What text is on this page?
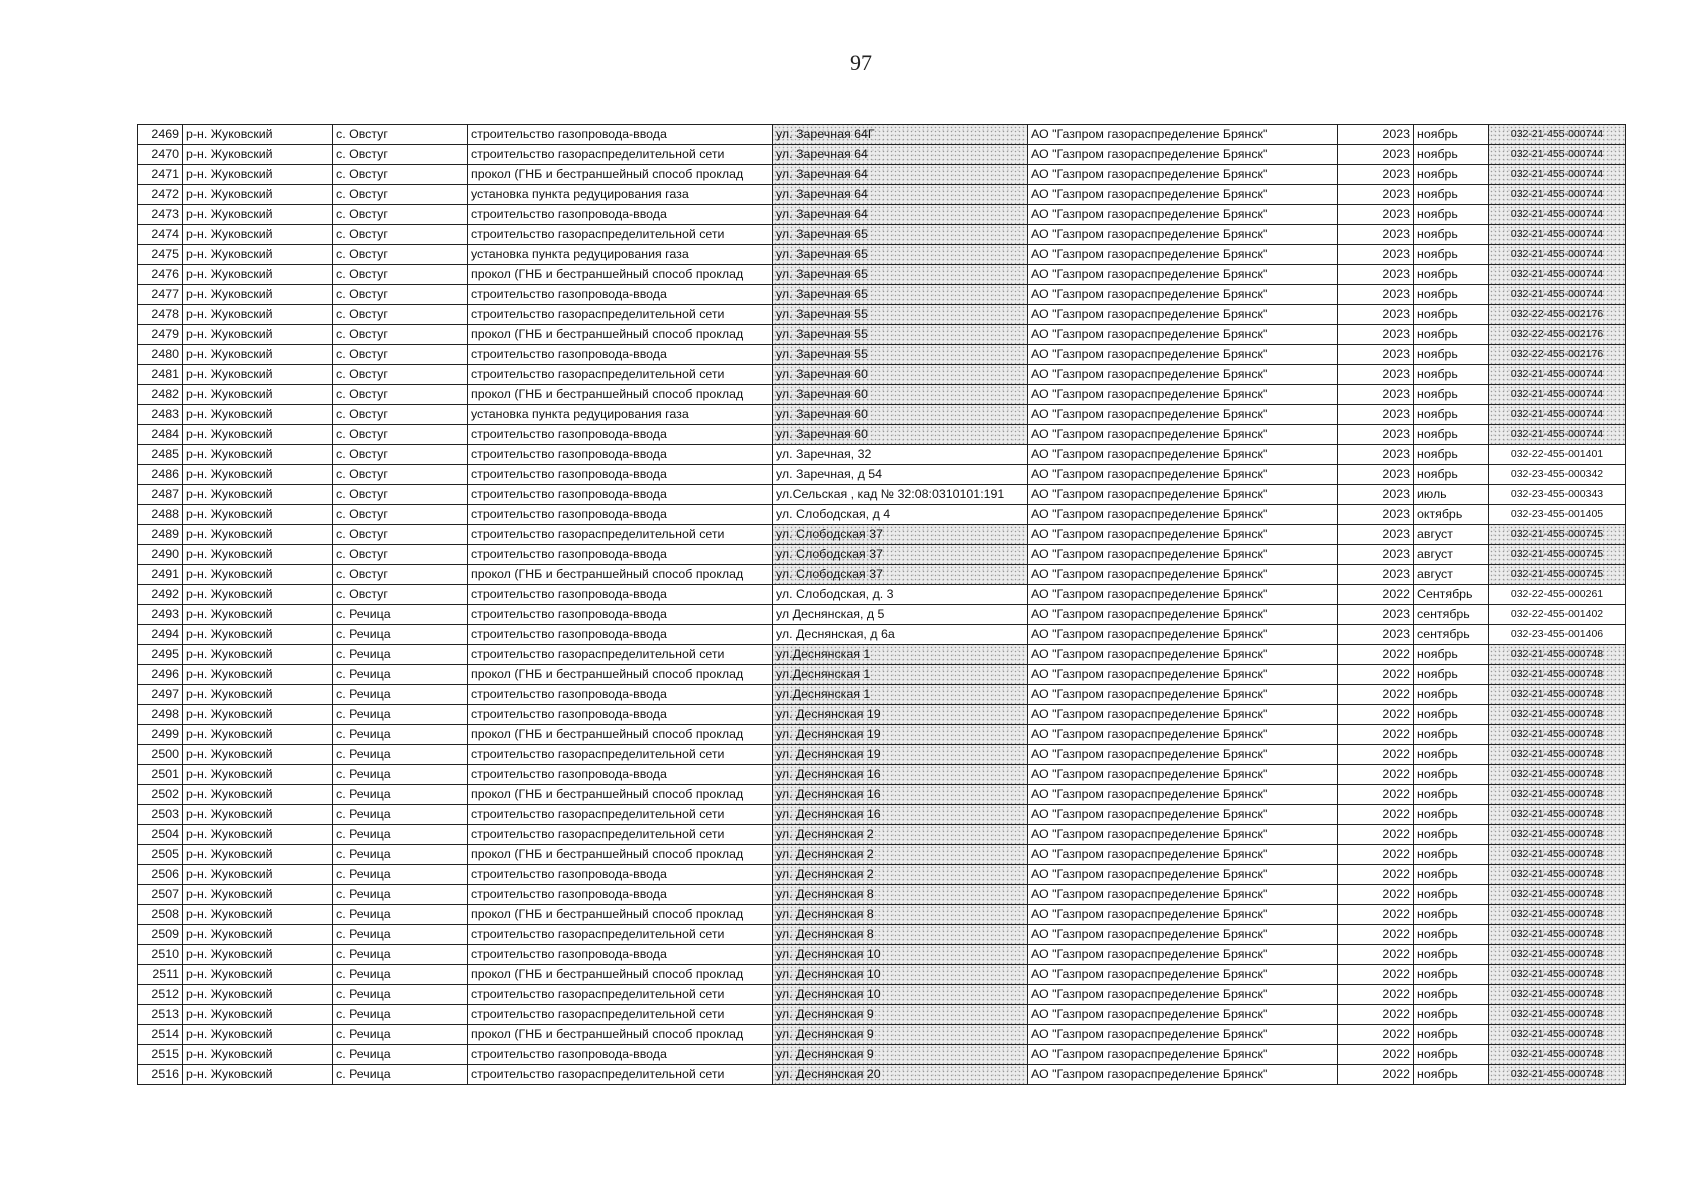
97
2469	р-н. Жуковский	с. Овстуг	строительство газопровода-ввода	ул. Заречная 64Г	АО "Газпром газораспределение Брянск"	2023	ноябрь	032-21-455-000744
2470	р-н. Жуковский	с. Овстуг	строительство газораспределительной сети	ул. Заречная 64	АО "Газпром газораспределение Брянск"	2023	ноябрь	032-21-455-000744
2471	р-н. Жуковский	с. Овстуг	прокол (ГНБ и бестраншейный способ проклад	ул. Заречная 64	АО "Газпром газораспределение Брянск"	2023	ноябрь	032-21-455-000744
2472	р-н. Жуковский	с. Овстуг	установка пункта редуцирования газа	ул. Заречная 64	АО "Газпром газораспределение Брянск"	2023	ноябрь	032-21-455-000744
2473	р-н. Жуковский	с. Овстуг	строительство газопровода-ввода	ул. Заречная 64	АО "Газпром газораспределение Брянск"	2023	ноябрь	032-21-455-000744
2474	р-н. Жуковский	с. Овстуг	строительство газораспределительной сети	ул. Заречная 65	АО "Газпром газораспределение Брянск"	2023	ноябрь	032-21-455-000744
2475	р-н. Жуковский	с. Овстуг	установка пункта редуцирования газа	ул. Заречная 65	АО "Газпром газораспределение Брянск"	2023	ноябрь	032-21-455-000744
2476	р-н. Жуковский	с. Овстуг	прокол (ГНБ и бестраншейный способ проклад	ул. Заречная 65	АО "Газпром газораспределение Брянск"	2023	ноябрь	032-21-455-000744
2477	р-н. Жуковский	с. Овстуг	строительство газопровода-ввода	ул. Заречная 65	АО "Газпром газораспределение Брянск"	2023	ноябрь	032-21-455-000744
2478	р-н. Жуковский	с. Овстуг	строительство газораспределительной сети	ул. Заречная 55	АО "Газпром газораспределение Брянск"	2023	ноябрь	032-22-455-002176
2479	р-н. Жуковский	с. Овстуг	прокол (ГНБ и бестраншейный способ проклад	ул. Заречная 55	АО "Газпром газораспределение Брянск"	2023	ноябрь	032-22-455-002176
2480	р-н. Жуковский	с. Овстуг	строительство газопровода-ввода	ул. Заречная 55	АО "Газпром газораспределение Брянск"	2023	ноябрь	032-22-455-002176
2481	р-н. Жуковский	с. Овстуг	строительство газораспределительной сети	ул. Заречная 60	АО "Газпром газораспределение Брянск"	2023	ноябрь	032-21-455-000744
2482	р-н. Жуковский	с. Овстуг	прокол (ГНБ и бестраншейный способ проклад	ул. Заречная 60	АО "Газпром газораспределение Брянск"	2023	ноябрь	032-21-455-000744
2483	р-н. Жуковский	с. Овстуг	установка пункта редуцирования газа	ул. Заречная 60	АО "Газпром газораспределение Брянск"	2023	ноябрь	032-21-455-000744
2484	р-н. Жуковский	с. Овстуг	строительство газопровода-ввода	ул. Заречная 60	АО "Газпром газораспределение Брянск"	2023	ноябрь	032-21-455-000744
2485	р-н. Жуковский	с. Овстуг	строительство газопровода-ввода	ул. Заречная, 32	АО "Газпром газораспределение Брянск"	2023	ноябрь	032-22-455-001401
2486	р-н. Жуковский	с. Овстуг	строительство газопровода-ввода	ул. Заречная, д 54	АО "Газпром газораспределение Брянск"	2023	ноябрь	032-23-455-000342
2487	р-н. Жуковский	с. Овстуг	строительство газопровода-ввода	ул.Сельская , кад № 32:08:0310101:191	АО "Газпром газораспределение Брянск"	2023	июль	032-23-455-000343
2488	р-н. Жуковский	с. Овстуг	строительство газопровода-ввода	ул. Слободская, д 4	АО "Газпром газораспределение Брянск"	2023	октябрь	032-23-455-001405
2489	р-н. Жуковский	с. Овстуг	строительство газораспределительной сети	ул. Слободская 37	АО "Газпром газораспределение Брянск"	2023	август	032-21-455-000745
2490	р-н. Жуковский	с. Овстуг	строительство газопровода-ввода	ул. Слободская 37	АО "Газпром газораспределение Брянск"	2023	август	032-21-455-000745
2491	р-н. Жуковский	с. Овстуг	прокол (ГНБ и бестраншейный способ проклад	ул. Слободская 37	АО "Газпром газораспределение Брянск"	2023	август	032-21-455-000745
2492	р-н. Жуковский	с. Овстуг	строительство газопровода-ввода	ул. Слободская, д. 3	АО "Газпром газораспределение Брянск"	2022	Сентябрь	032-22-455-000261
2493	р-н. Жуковский	с. Речица	строительство газопровода-ввода	ул Деснянская, д 5	АО "Газпром газораспределение Брянск"	2023	сентябрь	032-22-455-001402
2494	р-н. Жуковский	с. Речица	строительство газопровода-ввода	ул. Деснянская, д 6а	АО "Газпром газораспределение Брянск"	2023	сентябрь	032-23-455-001406
2495	р-н. Жуковский	с. Речица	строительство газораспределительной сети	ул.Деснянская 1	АО "Газпром газораспределение Брянск"	2022	ноябрь	032-21-455-000748
2496	р-н. Жуковский	с. Речица	прокол (ГНБ и бестраншейный способ проклад	ул.Деснянская 1	АО "Газпром газораспределение Брянск"	2022	ноябрь	032-21-455-000748
2497	р-н. Жуковский	с. Речица	строительство газопровода-ввода	ул.Деснянская 1	АО "Газпром газораспределение Брянск"	2022	ноябрь	032-21-455-000748
2498	р-н. Жуковский	с. Речица	строительство газопровода-ввода	ул. Деснянская 19	АО "Газпром газораспределение Брянск"	2022	ноябрь	032-21-455-000748
2499	р-н. Жуковский	с. Речица	прокол (ГНБ и бестраншейный способ проклад	ул. Деснянская 19	АО "Газпром газораспределение Брянск"	2022	ноябрь	032-21-455-000748
2500	р-н. Жуковский	с. Речица	строительство газораспределительной сети	ул. Деснянская 19	АО "Газпром газораспределение Брянск"	2022	ноябрь	032-21-455-000748
2501	р-н. Жуковский	с. Речица	строительство газопровода-ввода	ул. Деснянская 16	АО "Газпром газораспределение Брянск"	2022	ноябрь	032-21-455-000748
2502	р-н. Жуковский	с. Речица	прокол (ГНБ и бестраншейный способ проклад	ул. Деснянская 16	АО "Газпром газораспределение Брянск"	2022	ноябрь	032-21-455-000748
2503	р-н. Жуковский	с. Речица	строительство газораспределительной сети	ул. Деснянская 16	АО "Газпром газораспределение Брянск"	2022	ноябрь	032-21-455-000748
2504	р-н. Жуковский	с. Речица	строительство газораспределительной сети	ул. Деснянская 2	АО "Газпром газораспределение Брянск"	2022	ноябрь	032-21-455-000748
2505	р-н. Жуковский	с. Речица	прокол (ГНБ и бестраншейный способ проклад	ул. Деснянская 2	АО "Газпром газораспределение Брянск"	2022	ноябрь	032-21-455-000748
2506	р-н. Жуковский	с. Речица	строительство газопровода-ввода	ул. Деснянская 2	АО "Газпром газораспределение Брянск"	2022	ноябрь	032-21-455-000748
2507	р-н. Жуковский	с. Речица	строительство газопровода-ввода	ул. Деснянская 8	АО "Газпром газораспределение Брянск"	2022	ноябрь	032-21-455-000748
2508	р-н. Жуковский	с. Речица	прокол (ГНБ и бестраншейный способ проклад	ул. Деснянская 8	АО "Газпром газораспределение Брянск"	2022	ноябрь	032-21-455-000748
2509	р-н. Жуковский	с. Речица	строительство газораспределительной сети	ул. Деснянская 8	АО "Газпром газораспределение Брянск"	2022	ноябрь	032-21-455-000748
2510	р-н. Жуковский	с. Речица	строительство газопровода-ввода	ул. Деснянская 10	АО "Газпром газораспределение Брянск"	2022	ноябрь	032-21-455-000748
2511	р-н. Жуковский	с. Речица	прокол (ГНБ и бестраншейный способ проклад	ул. Деснянская 10	АО "Газпром газораспределение Брянск"	2022	ноябрь	032-21-455-000748
2512	р-н. Жуковский	с. Речица	строительство газораспределительной сети	ул. Деснянская 10	АО "Газпром газораспределение Брянск"	2022	ноябрь	032-21-455-000748
2513	р-н. Жуковский	с. Речица	строительство газораспределительной сети	ул. Деснянская 9	АО "Газпром газораспределение Брянск"	2022	ноябрь	032-21-455-000748
2514	р-н. Жуковский	с. Речица	прокол (ГНБ и бестраншейный способ проклад	ул. Деснянская 9	АО "Газпром газораспределение Брянск"	2022	ноябрь	032-21-455-000748
2515	р-н. Жуковский	с. Речица	строительство газопровода-ввода	ул. Деснянская 9	АО "Газпром газораспределение Брянск"	2022	ноябрь	032-21-455-000748
2516	р-н. Жуковский	с. Речица	строительство газораспределительной сети	ул. Деснянская 20	АО "Газпром газораспределение Брянск"	2022	ноябрь	032-21-455-000748
